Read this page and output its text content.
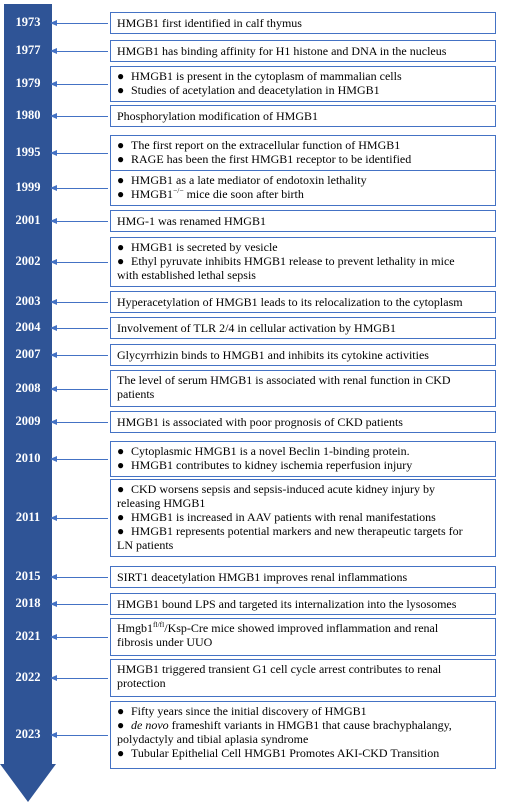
1973	HMGB1 first identified in calf thymus
1977	HMGB1 has binding affinity for H1 histone and DNA in the nucleus
1979	● HMGB1 is present in the cytoplasm of mammalian cells
● Studies of acetylation and deacetylation in HMGB1
1980	Phosphorylation modification of HMGB1
1995	● The first report on the extracellular function of HMGB1
● RAGE has been the first HMGB1 receptor to be identified
1999	● HMGB1 as a late mediator of endotoxin lethality
● HMGB1−/− mice die soon after birth
2001	HMG-1 was renamed HMGB1
2002
● HMGB1 is secreted by vesicle
● Ethyl pyruvate inhibits HMGB1 release to prevent lethality in mice
with established lethal sepsis
2003	Hyperacetylation of HMGB1 leads to its relocalization to the cytoplasm
2004	Involvement of TLR 2/4 in cellular activation by HMGB1
2007	Glycyrrhizin binds to HMGB1 and inhibits its cytokine activities
2008
The level of serum HMGB1 is associated with renal function in CKD
patients
2009	HMGB1 is associated with poor prognosis of CKD patients
2010	● Cytoplasmic HMGB1 is a novel Beclin 1-binding protein.
● HMGB1 contributes to kidney ischemia reperfusion injury
2011
● CKD worsens sepsis and sepsis-induced acute kidney injury by
releasing HMGB1
● HMGB1 is increased in AAV patients with renal manifestations
● HMGB1 represents potential markers and new therapeutic targets for
LN patients
2015	SIRT1 deacetylation HMGB1 improves renal inflammations
2018	HMGB1 bound LPS and targeted its internalization into the lysosomes
2021
$Hmgb1^{fl/fl}/Ksp$-Cre mice showed improved inflammation and renal
fibrosis under UUO
2022
HMGB1 triggered transient G1 cell cycle arrest contributes to renal
protection
2023
● Fifty years since the initial discovery of HMGB1
● de novo frameshift variants in HMGB1 that cause brachyphalangy,
polydactyly and tibial aplasia syndrome
● Tubular Epithelial Cell HMGB1 Promotes AKI-CKD Transition
